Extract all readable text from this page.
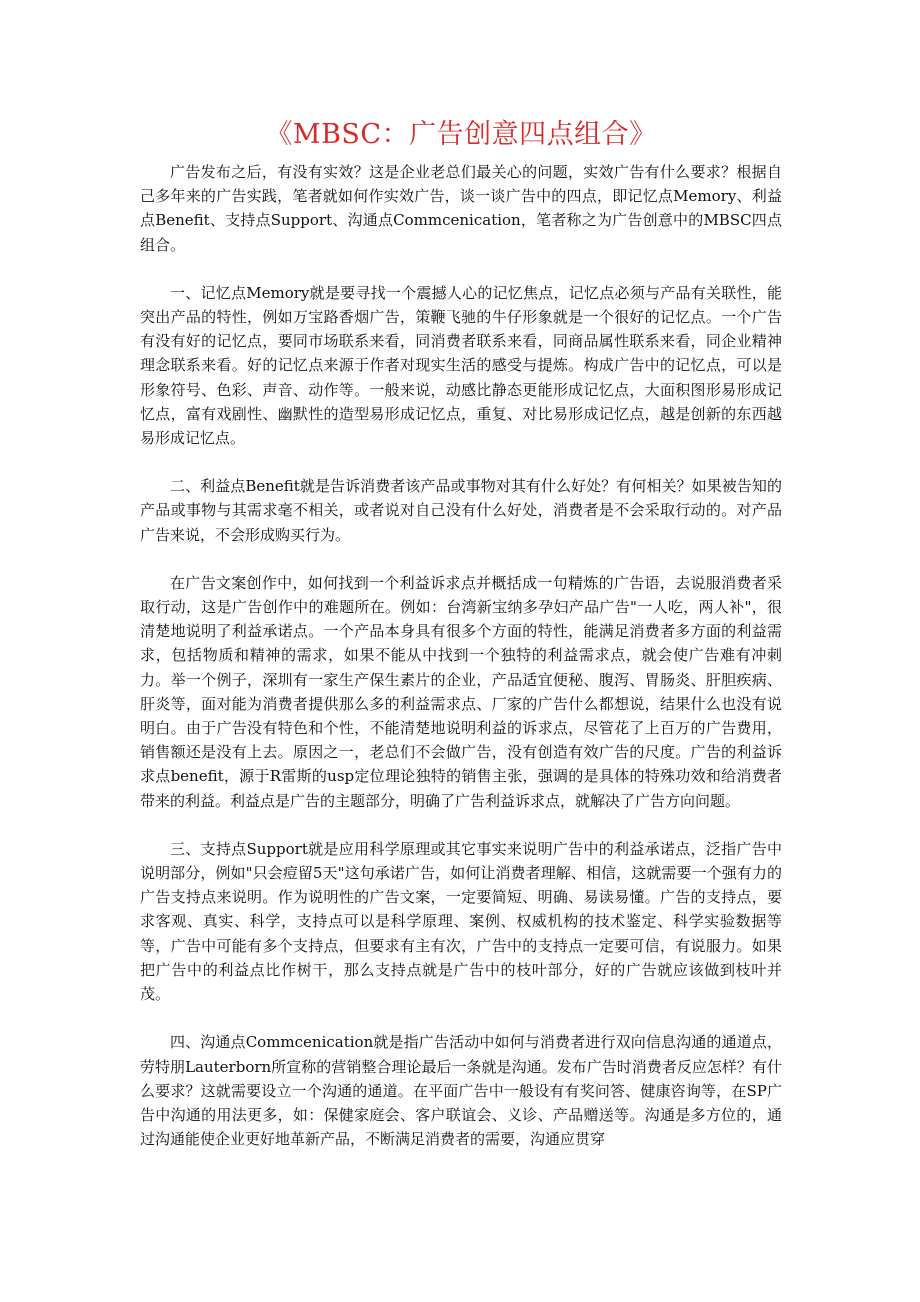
《MBSC：广告创意四点组合》

广告发布之后，有没有实效？这是企业老总们最关心的问题，实效广告有什么要求？根据自己多年来的广告实践，笔者就如何作实效广告，谈一谈广告中的四点，即记忆点Memory、利益点Benefit、支持点Support、沟通点Commcenication，笔者称之为广告创意中的MBSC四点组合。

一、记忆点Memory就是要寻找一个震撼人心的记忆焦点，记忆点必须与产品有关联性，能突出产品的特性，例如万宝路香烟广告，策鞭飞驰的牛仔形象就是一个很好的记忆点。一个广告有没有好的记忆点，要同市场联系来看，同消费者联系来看，同商品属性联系来看，同企业精神理念联系来看。好的记忆点来源于作者对现实生活的感受与提炼。构成广告中的记忆点，可以是形象符号、色彩、声音、动作等。一般来说，动感比静态更能形成记忆点，大面积图形易形成记忆点，富有戏剧性、幽默性的造型易形成记忆点，重复、对比易形成记忆点，越是创新的东西越易形成记忆点。

二、利益点Benefit就是告诉消费者该产品或事物对其有什么好处？有何相关？如果被告知的产品或事物与其需求毫不相关，或者说对自己没有什么好处，消费者是不会采取行动的。对产品广告来说，不会形成购买行为。

在广告文案创作中，如何找到一个利益诉求点并概括成一句精炼的广告语，去说服消费者采取行动，这是广告创作中的难题所在。例如：台湾新宝纳多孕妇产品广告"一人吃，两人补"，很清楚地说明了利益承诺点。一个产品本身具有很多个方面的特性，能满足消费者多方面的利益需求，包括物质和精神的需求，如果不能从中找到一个独特的利益需求点，就会使广告难有冲刺力。举一个例子，深圳有一家生产保生素片的企业，产品适宜便秘、腹泻、胃肠炎、肝胆疾病、肝炎等，面对能为消费者提供那么多的利益需求点、厂家的广告什么都想说，结果什么也没有说明白。由于广告没有特色和个性，不能清楚地说明利益的诉求点，尽管花了上百万的广告费用，销售额还是没有上去。原因之一，老总们不会做广告，没有创造有效广告的尺度。广告的利益诉求点benefit，源于R雷斯的usp定位理论独特的销售主张，强调的是具体的特殊功效和给消费者带来的利益。利益点是广告的主题部分，明确了广告利益诉求点，就解决了广告方向问题。

三、支持点Support就是应用科学原理或其它事实来说明广告中的利益承诺点，泛指广告中说明部分，例如"只会痘留5天"这句承诺广告，如何让消费者理解、相信，这就需要一个强有力的广告支持点来说明。作为说明性的广告文案，一定要简短、明确、易读易懂。广告的支持点，要求客观、真实、科学，支持点可以是科学原理、案例、权威机构的技术鉴定、科学实验数据等等，广告中可能有多个支持点，但要求有主有次，广告中的支持点一定要可信，有说服力。如果把广告中的利益点比作树干，那么支持点就是广告中的枝叶部分，好的广告就应该做到枝叶并茂。

四、沟通点Commcenication就是指广告活动中如何与消费者进行双向信息沟通的通道点，劳特朋Lauterborn所宣称的营销整合理论最后一条就是沟通。发布广告时消费者反应怎样？有什么要求？这就需要设立一个沟通的通道。在平面广告中一般设有有奖问答、健康咨询等，在SP广告中沟通的用法更多，如：保健家庭会、客户联谊会、义诊、产品赠送等。沟通是多方位的，通过沟通能使企业更好地革新产品，不断满足消费者的需要，沟通应贯穿
